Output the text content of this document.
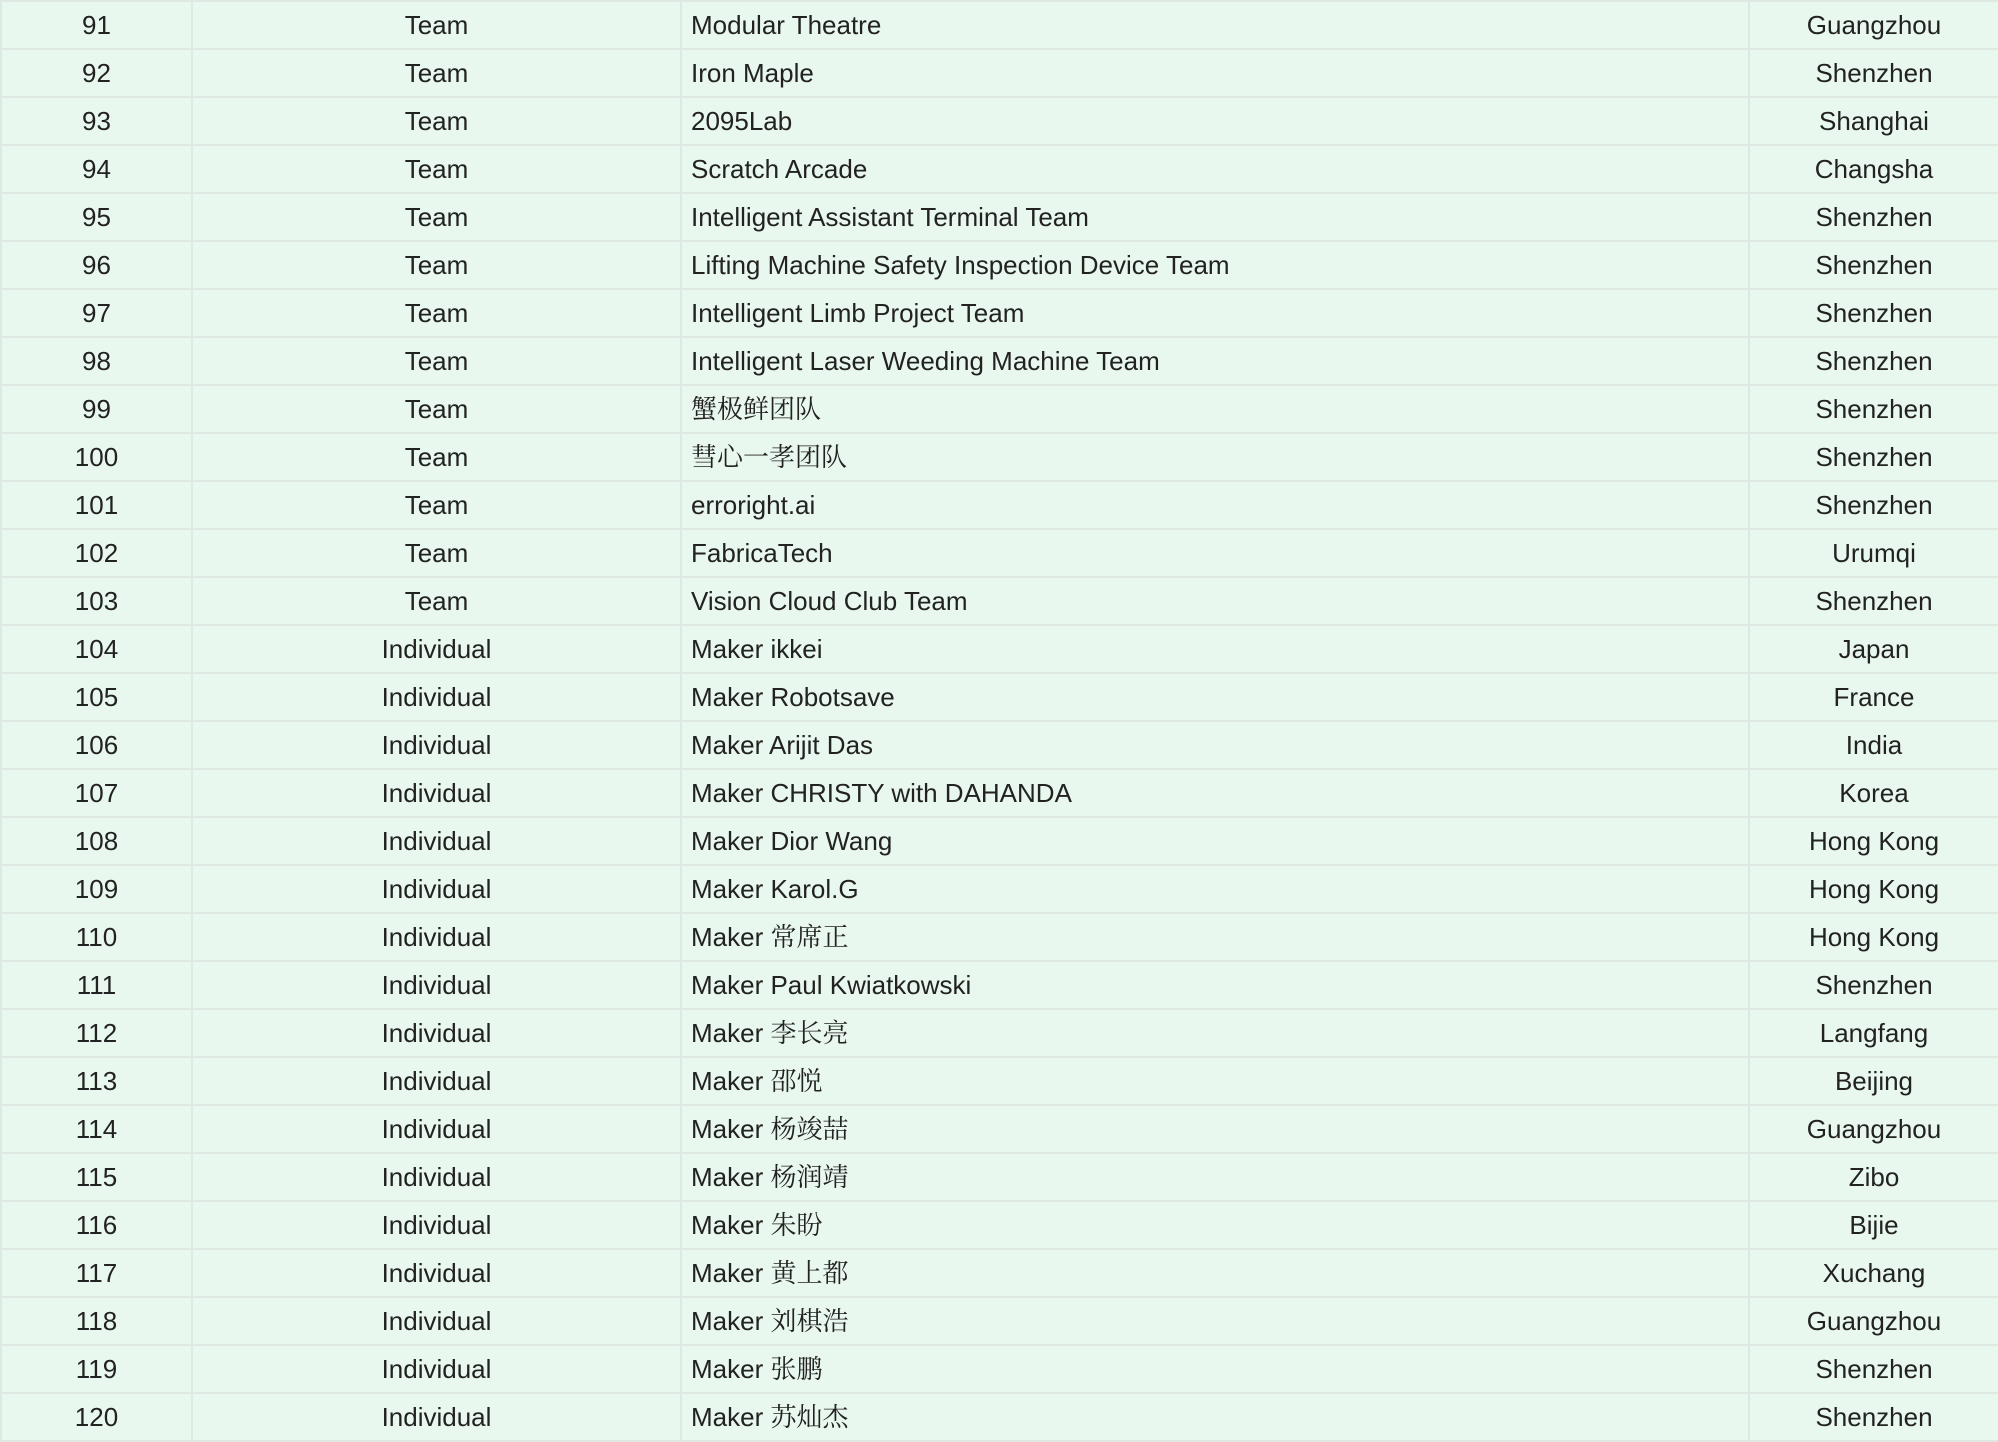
91	Team	Modular Theatre	Guangzhou
92	Team	Iron Maple	Shenzhen
93	Team	2095Lab	Shanghai
94	Team	Scratch Arcade	Changsha
95	Team	Intelligent Assistant Terminal Team	Shenzhen
96	Team	Lifting Machine Safety Inspection Device Team	Shenzhen
97	Team	Intelligent Limb Project Team	Shenzhen
98	Team	Intelligent Laser Weeding Machine Team	Shenzhen
99	Team	蟹极鲜团队	Shenzhen
100	Team	彗心一孝团队	Shenzhen
101	Team	erroright.ai	Shenzhen
102	Team	FabricaTech	Urumqi
103	Team	Vision Cloud Club Team	Shenzhen
104	Individual	Maker ikkei	Japan
105	Individual	Maker Robotsave	France
106	Individual	Maker Arijit Das	India
107	Individual	Maker CHRISTY with DAHANDA	Korea
108	Individual	Maker Dior Wang	Hong Kong
109	Individual	Maker Karol.G	Hong Kong
110	Individual	Maker 常席正	Hong Kong
111	Individual	Maker Paul Kwiatkowski	Shenzhen
112	Individual	Maker 李长亮	Langfang
113	Individual	Maker 邵悦	Beijing
114	Individual	Maker 杨竣喆	Guangzhou
115	Individual	Maker 杨润靖	Zibo
116	Individual	Maker 朱盼	Bijie
117	Individual	Maker 黄上都	Xuchang
118	Individual	Maker 刘棋浩	Guangzhou
119	Individual	Maker 张鹏	Shenzhen
120	Individual	Maker 苏灿杰	Shenzhen
